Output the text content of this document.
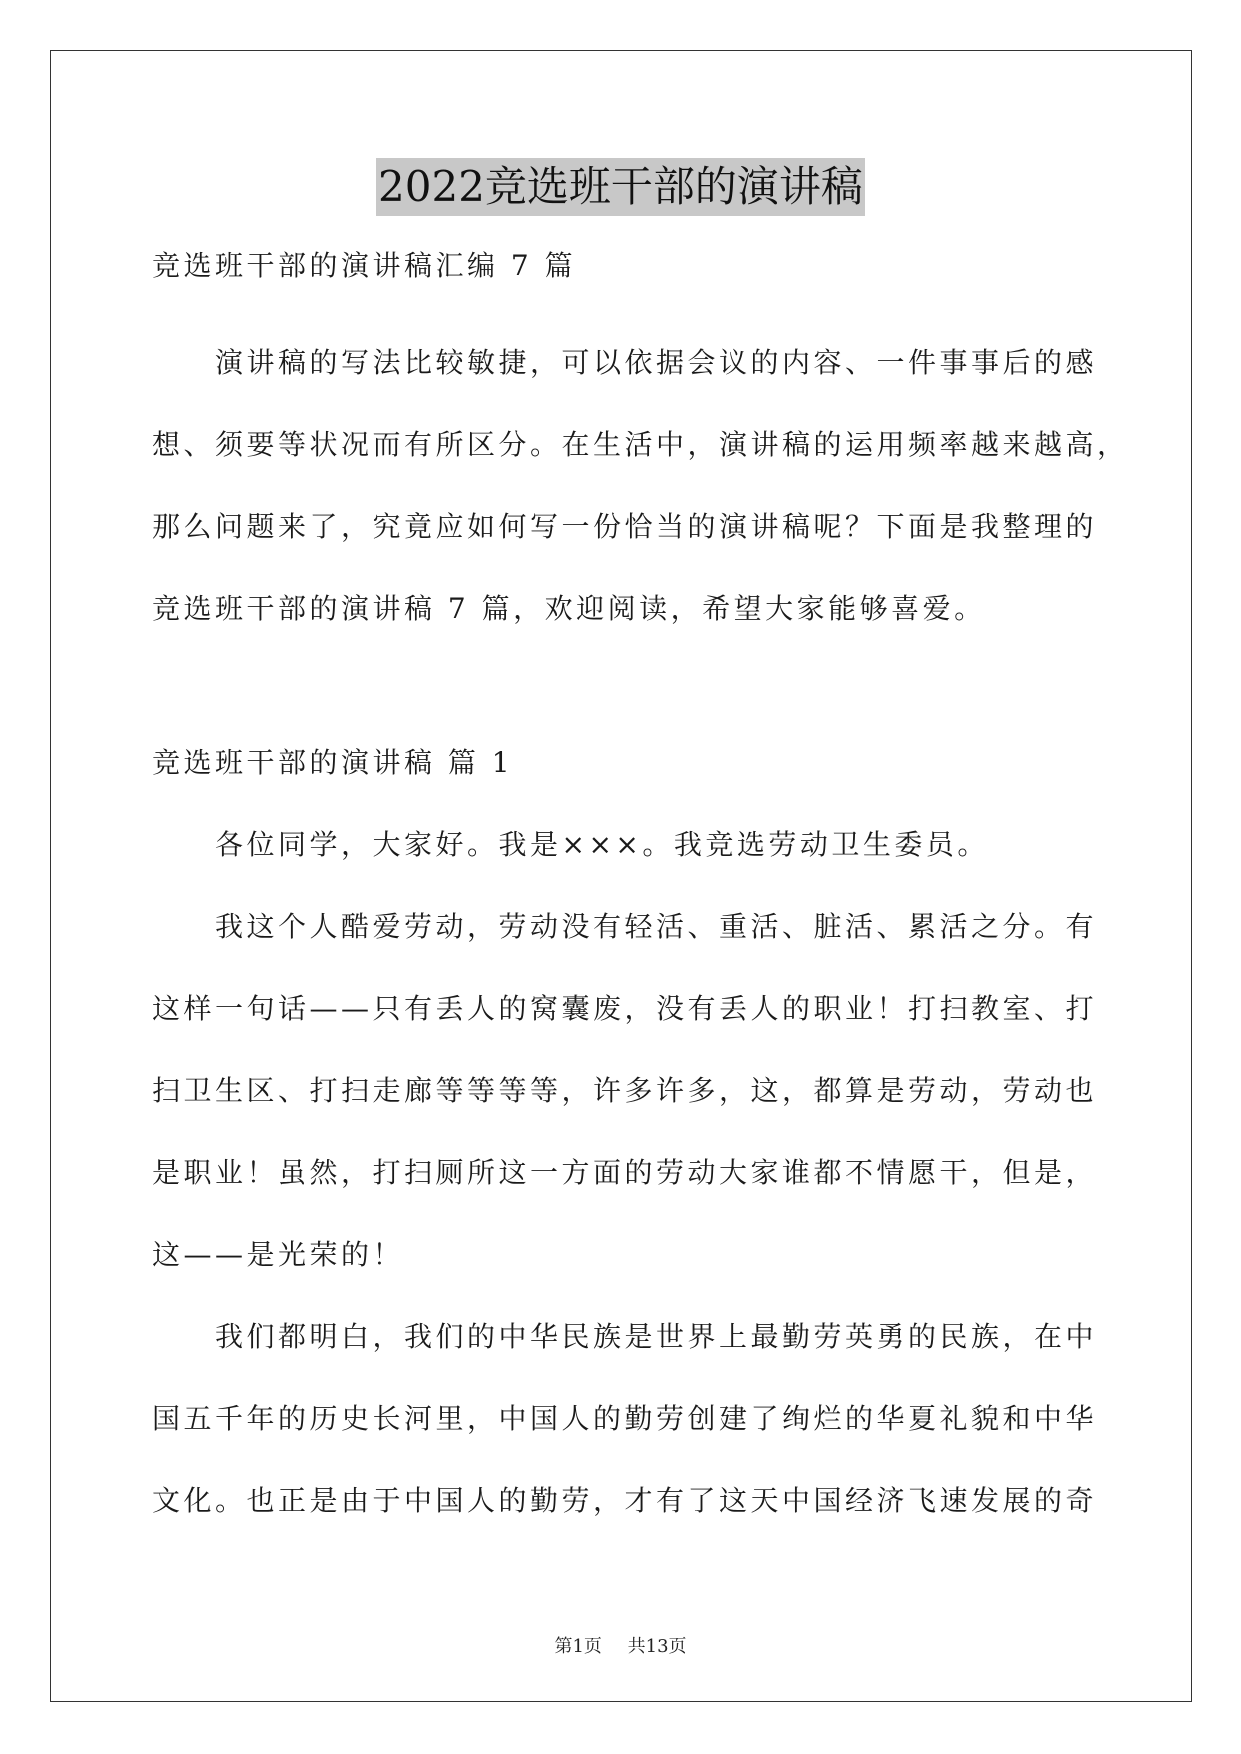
2022竞选班干部的演讲稿

竞选班干部的演讲稿汇编 7 篇

演讲稿的写法比较敏捷，可以依据会议的内容、一件事事后的感
想、须要等状况而有所区分。在生活中，演讲稿的运用频率越来越高，
那么问题来了，究竟应如何写一份恰当的演讲稿呢？下面是我整理的
竞选班干部的演讲稿 7 篇，欢迎阅读，希望大家能够喜爱。

竞选班干部的演讲稿 篇 1

各位同学，大家好。我是×××。我竞选劳动卫生委员。

我这个人酷爱劳动，劳动没有轻活、重活、脏活、累活之分。有
这样一句话——只有丢人的窝囊废，没有丢人的职业！打扫教室、打
扫卫生区、打扫走廊等等等等，许多许多，这，都算是劳动，劳动也
是职业！虽然，打扫厕所这一方面的劳动大家谁都不情愿干，但是，
这——是光荣的！

我们都明白，我们的中华民族是世界上最勤劳英勇的民族，在中
国五千年的历史长河里，中国人的勤劳创建了绚烂的华夏礼貌和中华
文化。也正是由于中国人的勤劳，才有了这天中国经济飞速发展的奇

第1页 共13页
